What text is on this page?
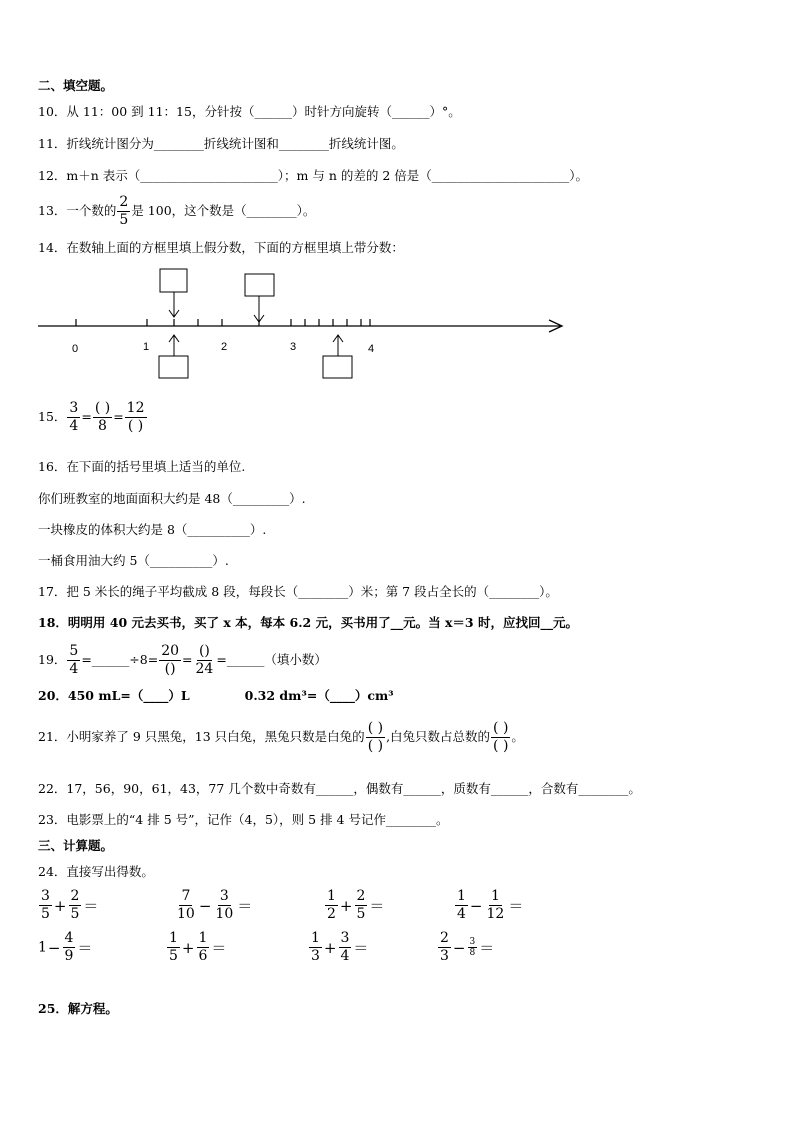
二、填空题。
10．从 11：00 到 11：15，分针按（______）时针方向旋转（______）°。
11．折线统计图分为________折线统计图和________折线统计图。
12．m＋n 表示（______________________）；m 与 n 的差的 2 倍是（______________________）。
13．一个数的 $\frac{2}{5}$ 是 100，这个数是（________）。
14．在数轴上面的方框里填上假分数，下面的方框里填上带分数：
0	1	2	3	4
15． $\frac{3}{4} = \frac{( )}{8} = \frac{12}{( )}$
16．在下面的括号里填上适当的单位.
你们班教室的地面面积大约是 48（_________）.
一块橡皮的体积大约是 8（__________）.
一桶食用油大约 5（__________）.
17．把 5 米长的绳子平均截成 8 段，每段长（________）米；第 7 段占全长的（________）。
18．明明用 40 元去买书，买了 x 本，每本 6.2 元，买书用了__元。当 x＝3 时，应找回__元。
19． $\frac{5}{4}$ =______÷8= $\frac{20}{()} = \frac{()}{24}$ =______（填小数）
20．450 mL=（____）L	0.32 dm³=（____）cm³
21．小明家养了 9 只黑兔，13 只白兔，黑兔只数是白兔的 $\frac{( )}{( )}$ ,白兔只数占总数的 $\frac{( )}{( )}$ 。
22．17，56，90，61，43，77 几个数中奇数有______，偶数有______，质数有______，合数有________。
23．电影票上的“4 排 5 号”，记作（4，5），则 5 排 4 号记作________。
三、计算题。
24．直接写出得数。
$\frac{3}{5} + \frac{2}{5}$ ＝	$\frac{7}{10} - \frac{3}{10}$ ＝	$\frac{1}{2} + \frac{2}{5}$ ＝	$\frac{1}{4} - \frac{1}{12}$ ＝
$1- \frac{4}{9}$ ＝	$\frac{1}{5} + \frac{1}{6}$ ＝	$\frac{1}{3} + \frac{3}{4}$ ＝	$\frac{2}{3} - \frac{3}{8}$ ＝
25．解方程。
